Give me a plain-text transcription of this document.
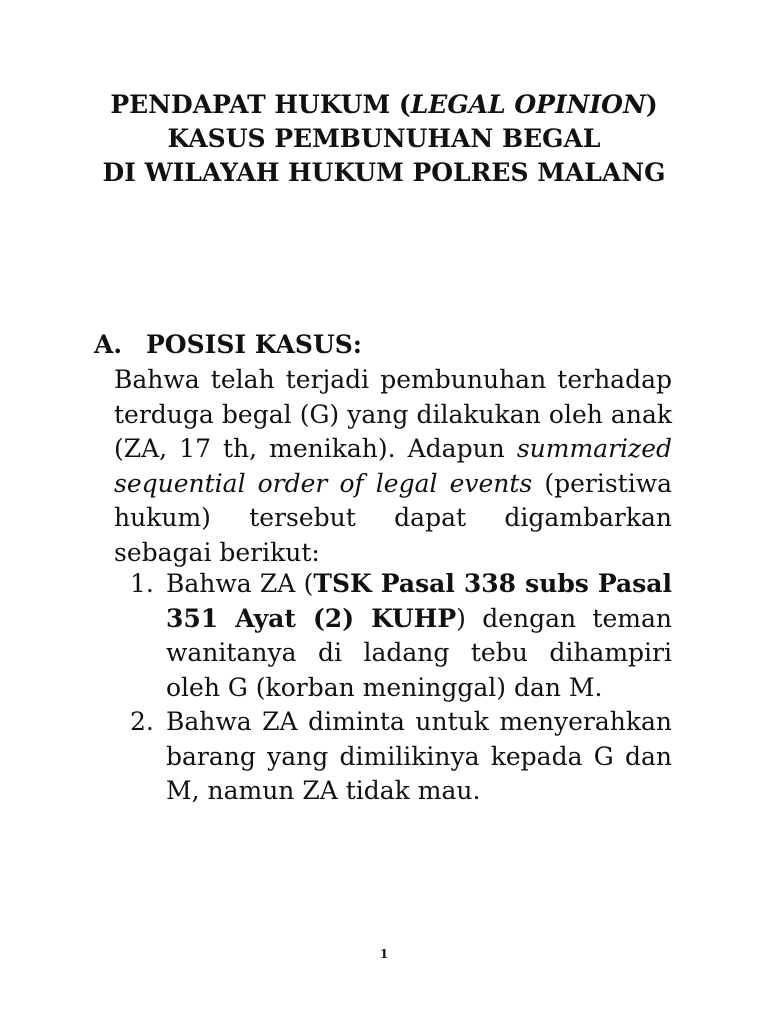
PENDAPAT HUKUM (LEGAL OPINION)
KASUS PEMBUNUHAN BEGAL
DI WILAYAH HUKUM POLRES MALANG
A. POSISI KASUS:
Bahwa telah terjadi pembunuhan terhadap terduga begal (G) yang dilakukan oleh anak (ZA, 17 th, menikah). Adapun summarized sequential order of legal events (peristiwa hukum) tersebut dapat digambarkan sebagai berikut:
1. Bahwa ZA (TSK Pasal 338 subs Pasal 351 Ayat (2) KUHP) dengan teman wanitanya di ladang tebu dihampiri oleh G (korban meninggal) dan M.
2. Bahwa ZA diminta untuk menyerahkan barang yang dimilikinya kepada G dan M, namun ZA tidak mau.
1
